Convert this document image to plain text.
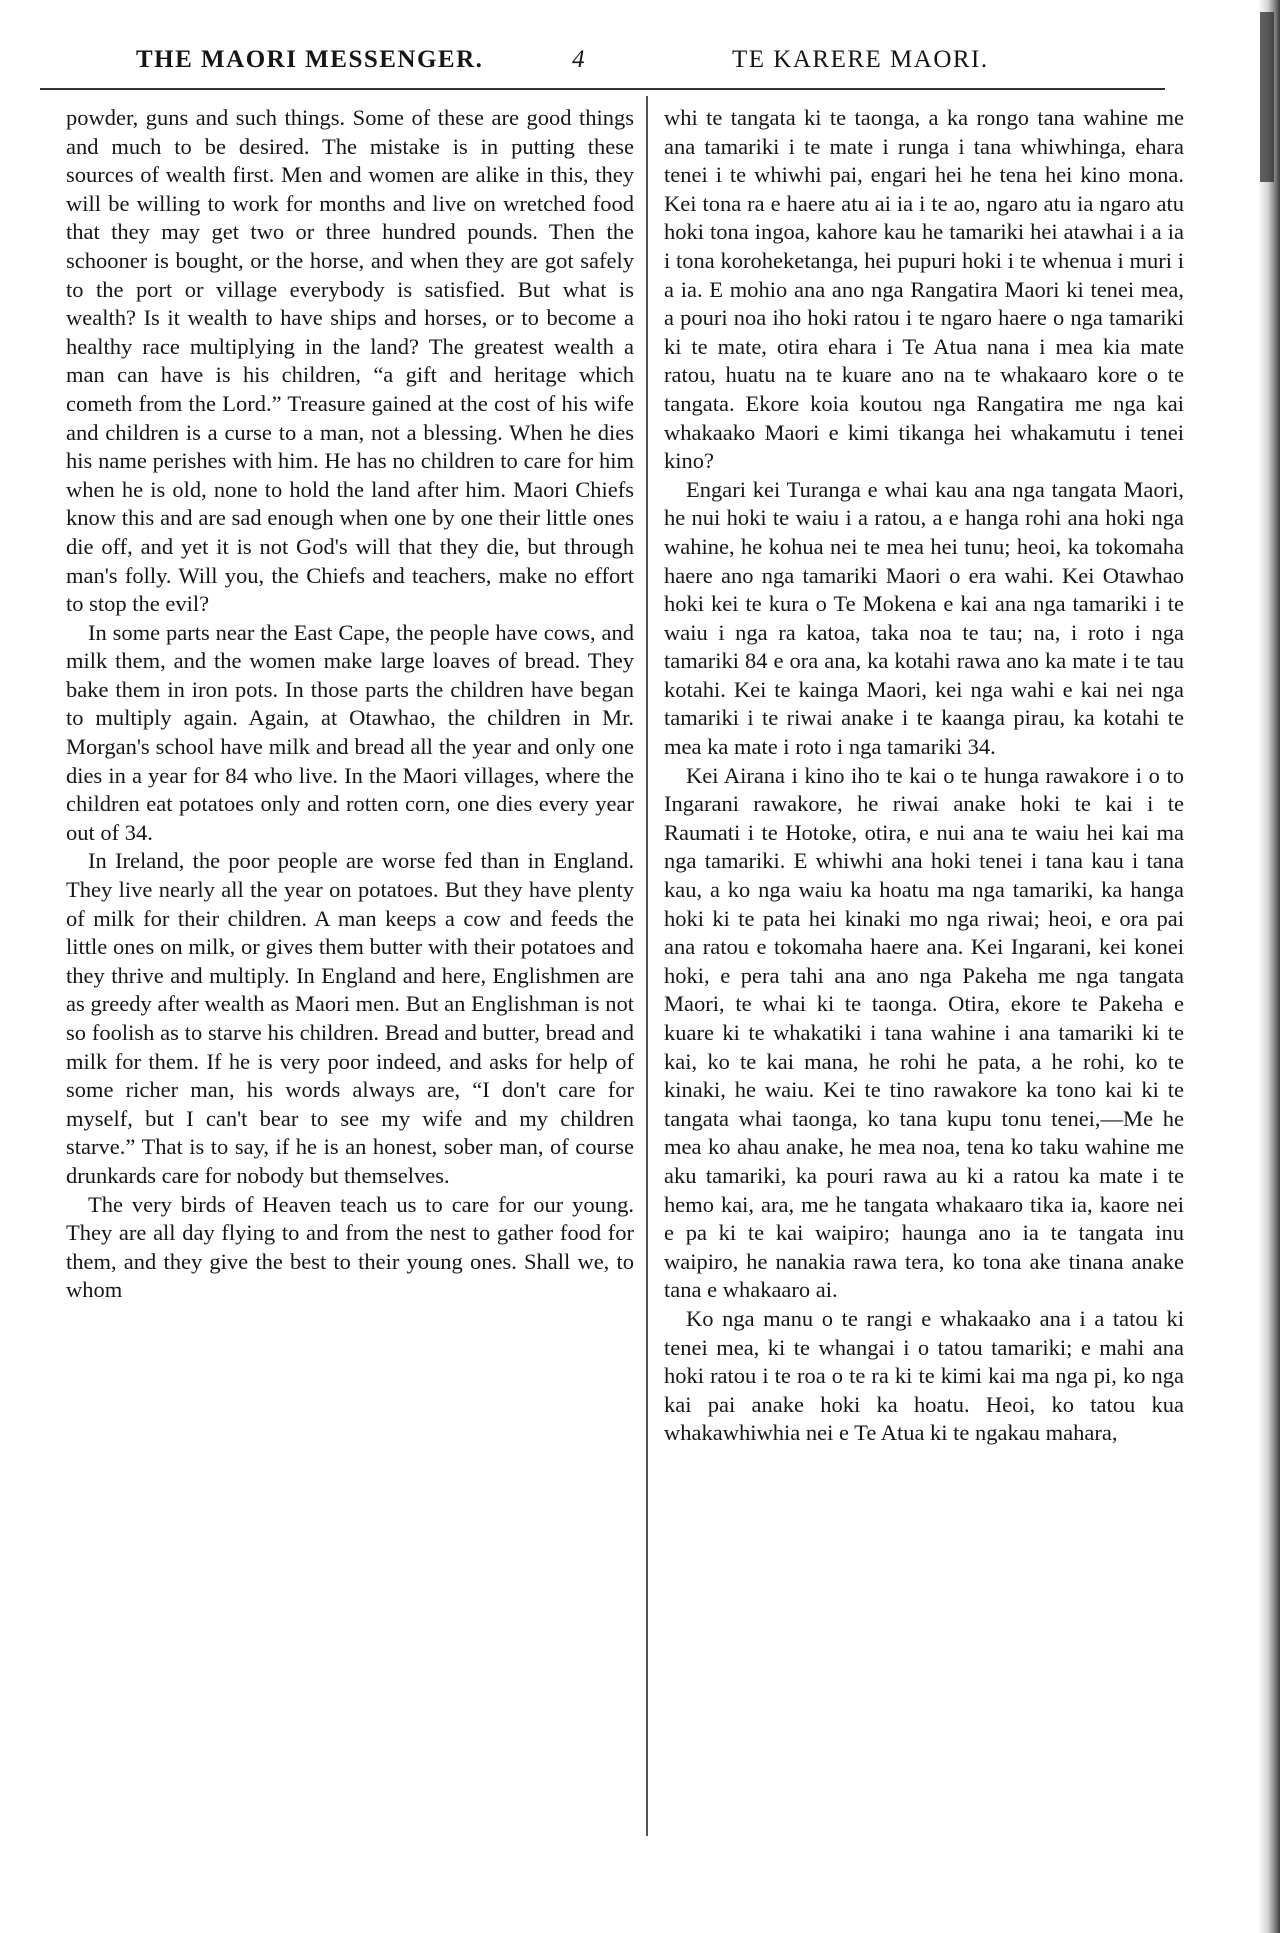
THE MAORI MESSENGER.	4	TE KARERE MAORI.

powder, guns and such things. Some of these are good things and much to be desired. The mistake is in putting these sources of wealth first. Men and women are alike in this, they will be willing to work for months and live on wretched food that they may get two or three hundred pounds. Then the schooner is bought, or the horse, and when they are got safely to the port or village everybody is satisfied. But what is wealth? Is it wealth to have ships and horses, or to become a healthy race multiplying in the land? The greatest wealth a man can have is his children, “a gift and heritage which cometh from the Lord.” Treasure gained at the cost of his wife and children is a curse to a man, not a blessing. When he dies his name perishes with him. He has no children to care for him when he is old, none to hold the land after him. Maori Chiefs know this and are sad enough when one by one their little ones die off, and yet it is not God's will that they die, but through man's folly. Will you, the Chiefs and teachers, make no effort to stop the evil?

In some parts near the East Cape, the people have cows, and milk them, and the women make large loaves of bread. They bake them in iron pots. In those parts the children have began to multiply again. Again, at Otawhao, the children in Mr. Morgan's school have milk and bread all the year and only one dies in a year for 84 who live. In the Maori villages, where the children eat potatoes only and rotten corn, one dies every year out of 34.

In Ireland, the poor people are worse fed than in England. They live nearly all the year on potatoes. But they have plenty of milk for their children. A man keeps a cow and feeds the little ones on milk, or gives them butter with their potatoes and they thrive and multiply. In England and here, Englishmen are as greedy after wealth as Maori men. But an Englishman is not so foolish as to starve his children. Bread and butter, bread and milk for them. If he is very poor indeed, and asks for help of some richer man, his words always are, “I don't care for myself, but I can't bear to see my wife and my children starve.” That is to say, if he is an honest, sober man, of course drunkards care for nobody but themselves.

The very birds of Heaven teach us to care for our young. They are all day flying to and from the nest to gather food for them, and they give the best to their young ones. Shall we, to whom

whi te tangata ki te taonga, a ka rongo tana wahine me ana tamariki i te mate i runga i tana whiwhinga, ehara tenei i te whiwhi pai, engari hei he tena hei kino mona. Kei tona ra e haere atu ai ia i te ao, ngaro atu ia ngaro atu hoki tona ingoa, kahore kau he tamariki hei atawhai i a ia i tona koroheketanga, hei pupuri hoki i te whenua i muri i a ia. E mohio ana ano nga Rangatira Maori ki tenei mea, a pouri noa iho hoki ratou i te ngaro haere o nga tamariki ki te mate, otira ehara i Te Atua nana i mea kia mate ratou, huatu na te kuare ano na te whakaaro kore o te tangata. Ekore koia koutou nga Rangatira me nga kai whakaako Maori e kimi tikanga hei whakamutu i tenei kino?

Engari kei Turanga e whai kau ana nga tangata Maori, he nui hoki te waiu i a ratou, a e hanga rohi ana hoki nga wahine, he kohua nei te mea hei tunu; heoi, ka tokomaha haere ano nga tamariki Maori o era wahi. Kei Otawhao hoki kei te kura o Te Mokena e kai ana nga tamariki i te waiu i nga ra katoa, taka noa te tau; na, i roto i nga tamariki 84 e ora ana, ka kotahi rawa ano ka mate i te tau kotahi. Kei te kainga Maori, kei nga wahi e kai nei nga tamariki i te riwai anake i te kaanga pirau, ka kotahi te mea ka mate i roto i nga tamariki 34.

Kei Airana i kino iho te kai o te hunga rawakore i o to Ingarani rawakore, he riwai anake hoki te kai i te Raumati i te Hotoke, otira, e nui ana te waiu hei kai ma nga tamariki. E whiwhi ana hoki tenei i tana kau i tana kau, a ko nga waiu ka hoatu ma nga tamariki, ka hanga hoki ki te pata hei kinaki mo nga riwai; heoi, e ora pai ana ratou e tokomaha haere ana. Kei Ingarani, kei konei hoki, e pera tahi ana ano nga Pakeha me nga tangata Maori, te whai ki te taonga. Otira, ekore te Pakeha e kuare ki te whakatiki i tana wahine i ana tamariki ki te kai, ko te kai mana, he rohi he pata, a he rohi, ko te kinaki, he waiu. Kei te tino rawakore ka tono kai ki te tangata whai taonga, ko tana kupu tonu tenei,—Me he mea ko ahau anake, he mea noa, tena ko taku wahine me aku tamariki, ka pouri rawa au ki a ratou ka mate i te hemo kai, ara, me he tangata whakaaro tika ia, kaore nei e pa ki te kai waipiro; haunga ano ia te tangata inu waipiro, he nanakia rawa tera, ko tona ake tinana anake tana e whakaaro ai.

Ko nga manu o te rangi e whakaako ana i a tatou ki tenei mea, ki te whangai i o tatou tamariki; e mahi ana hoki ratou i te roa o te ra ki te kimi kai ma nga pi, ko nga kai pai anake hoki ka hoatu. Heoi, ko tatou kua whakawhiwhia nei e Te Atua ki te ngakau mahara,
